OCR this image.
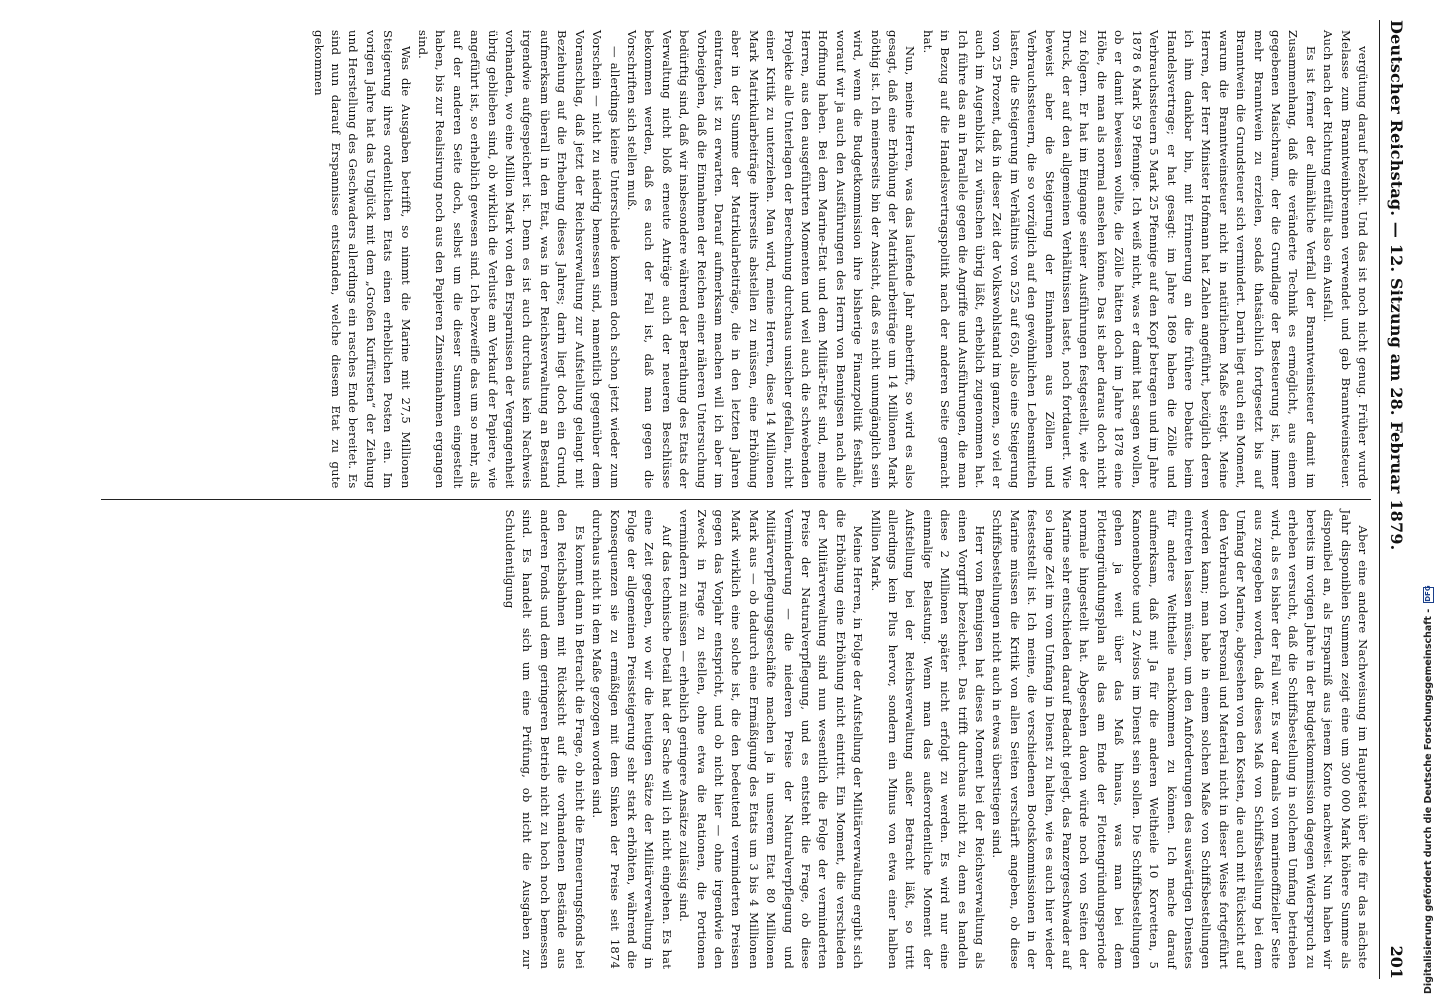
Deutscher Reichstag. — 12. Sitzung am 28. Februar 1879.
201

vergütung darauf bezahlt. Und das ist noch nicht genug. Früher wurde Melasse zum Branntweinbrennen verwendet und gab Branntweinsteuer. Auch nach der Richtung entfällt also ein Ausfall.

Es ist ferner der allmähliche Verfall der Branntweinsteuer damit im Zusammenhang, daß die veränderte Technik es ermöglicht, aus einem gegebenen Maischraum, der die Grundlage der Besteuerung ist, immer mehr Branntwein zu erzielen, sodaß thatsächlich fortgesetzt bis auf Branntwein die Grundsteuer sich vermindert. Darin liegt auch ein Moment, warum die Branntweinsteuer nicht in natürlichem Maße steigt. Meine Herren, der Herr Minister Hofmann hat Zahlen angeführt, bezüglich deren ich ihm dankbar bin, mit Erinnerung an die frühere Debatte beim Handelsvertrage; er hat gesagt: im Jahre 1869 haben die Zölle und Verbrauchssteuern 5 Mark 25 Pfennige auf den Kopf betragen und im Jahre 1878 6 Mark 59 Pfennige. Ich weiß nicht, was er damit hat sagen wollen, ob er damit beweisen wollte, die Zölle hätten doch im Jahre 1878 eine Höhe, die man als normal ansehen könne. Das ist aber daraus doch nicht zu folgern. Er hat im Eingange seiner Ausführungen festgestellt, wie der Druck, der auf den allgemeinen Verhältnissen lastet, noch fortdauert. Wie beweist aber die Steigerung der Einnahmen aus Zöllen und Verbrauchssteuern, die so vorzüglich auf den gewöhnlichen Lebensmitteln lasten, die Steigerung im Verhältnis von 525 auf 650, also eine Steigerung von 25 Prozent, daß in dieser Zeit der Volkswohlstand im ganzen, so viel er auch im Augenblick zu wünschen übrig läßt, erheblich zugenommen hat. Ich führe das an in Parallele gegen die Angriffe und Ausführungen, die man in Bezug auf die Handelsvertragspolitik nach der anderen Seite gemacht hat.

Nun, meine Herren, was das laufende Jahr anbetrifft, so wird es also gesagt, daß eine Erhöhung der Matrikularbeiträge um 14 Millionen Mark nöthig ist. Ich meinerseits bin der Ansicht, daß es nicht unumgänglich sein wird, wenn die Budgetkommission ihre bisherige Finanzpolitik festhält, worauf wir ja auch den Ausführungen des Herrn von Bennigsen nach alle Hoffnung haben. Bei dem Marine-Etat und dem Militär-Etat sind, meine Herren, aus den ausgeführten Momenten und weil auch die schwebenden Projekte alle Unterlagen der Berechnung durchaus unsicher gefallen, nicht einer Kritik zu unterziehen. Man wird, meine Herren, diese 14 Millionen Mark Matrikularbeiträge ihrerseits abstellen zu müssen, eine Erhöhung aber in der Summe der Matrikularbeiträge, die in den letzten Jahren eintraten, ist zu erwarten. Darauf aufmerksam machen will ich aber im Vorbeigehen, daß die Einnahmen der Reichen einer näheren Untersuchung bedürftig sind, daß wir insbesondere während der Berathung des Etats der Verwaltung nicht bloß erneute Anträge auch der neueren Beschlüsse bekommen werden, daß es auch der Fall ist, daß man gegen die Vorschriften sich stellen muß.

— allerdings kleine Unterschiede kommen doch schon jetzt wieder zum Vorschein — nicht zu niedrig bemessen sind, namentlich gegenüber dem Voranschlag, daß jetzt der Reichsverwaltung zur Aufstellung gelangt mit Beziehung auf die Erhebung dieses Jahres; darin liegt doch ein Grund, aufmerksam überall in den Etat, was in der Reichsverwaltung an Bestand irgendwie aufgespeichert ist. Denn es ist auch durchaus kein Nachweis vorhanden, wo eine Million Mark von den Ersparnissen der Vergangenheit übrig geblieben sind, ob wirklich die Verluste am Verkauf der Papiere, wie angeführt ist, so erheblich gewesen sind. Ich bezweifle das um so mehr, als auf der anderen Seite doch, selbst um die dieser Summen eingestellt haben, bis zur Realisirung noch aus den Papieren Zinseinnahmen ergangen sind.

Was die Ausgaben betrifft, so nimmt die Marine mit 27,5 Millionen Steigerung ihres ordentlichen Etats einen erheblichen Posten ein. Im vorigen Jahre hat das Unglück mit dem „Großen Kurfürsten“ der Ziehung und Herstellung des Geschwaders allerdings ein rasches Ende bereitet. Es sind nun darauf Erspannisse entstanden, welche diesem Etat zu gute gekommen

Aber eine andere Nachweisung im Hauptetat über die für das nächste Jahr disponiblen Summen zeigt eine um 300 000 Mark höhere Summe als disponibel an, als Ersparniß aus jenem Konto nachweist. Nun haben wir bereits im vorigen Jahre in der Budgetkommission dagegen Widerspruch zu erheben versucht, daß die Schiffsbestellung in solchem Umfang betrieben wird, als es bisher der Fall war. Es war damals von marineoffizieller Seite aus zugegeben worden, daß dieses Maß von Schiffsbestellung bei dem Umfang der Marine, abgesehen von den Kosten, die auch mit Rücksicht auf den Verbrauch von Personal und Material nicht in dieser Weise fortgeführt werden kann; man habe in einem solchen Maße von Schiffsbestellungen eintreten lassen müssen, um den Anforderungen des auswärtigen Dienstes für andere Welttheile nachkommen zu können. Ich mache darauf aufmerksam, daß mit Ja für die anderen Weltheile 10 Korvetten, 5 Kanonenboote und 2 Avisos im Dienst sein sollen. Die Schiffsbestellungen gehen ja weit über das Maß hinaus, was man bei dem Flottengründungsplan als das am Ende der Flottengründungsperiode normale hingestellt hat. Abgesehen davon würde noch von Seiten der Marine sehr entschieden darauf Bedacht gelegt, das Panzergeschwader auf so lange Zeit im vom Umfang in Dienst zu halten, wie es auch hier wieder festeststellt ist. Ich meine, die verschiedenen Bootskommissionen in der Marine müssen die Kritik von allen Seiten verschärft angeben, ob diese Schiffsbestellungen nicht auch in etwas überstiegen sind.

Herr von Bennigsen hat dieses Moment bei der Reichsverwaltung als einen Vorgriff bezeichnet. Das trifft durchaus nicht zu, denn es handeln diese 2 Millionen später nicht erfolgt zu werden. Es wird nur eine einmalige Belastung. Wenn man das außerordentliche Moment der Aufstellung bei der Reichsverwaltung außer Betracht läßt, so tritt allerdings kein Plus hervor, sondern ein Minus von etwa einer halben Million Mark.

Meine Herren, in Folge der Aufstellung der Militärverwaltung ergibt sich die Erhöhung eine Erhöhung nicht eintritt. Ein Moment, die verschieden der Militärverwaltung sind nun wesentlich die Folge der verminderten Preise der Naturalverpflegung, und es entsteht die Frage, ob diese Verminderung — die niederen Preise der Naturalverpflegung und Militärverpflegungsgeschäfte machen ja in unserem Etat 80 Millionen Mark aus — ob dadurch eine Ermäßigung des Etats um 3 bis 4 Millionen Mark wirklich eine solche ist, die den bedeutend verminderten Preisen gegen das Vorjahr entspricht, und ob nicht hier — ohne irgendwie den Zweck in Frage zu stellen, ohne etwa die Rationen, die Portionen vermindern zu müssen — erheblich geringere Ansätze zulässig sind.

Auf das technische Detail hat der Sache will ich nicht eingehen. Es hat eine Zeit gegeben, wo wir die heutigen Sätze der Militärverwaltung in Folge der allgemeinen Preissteigerung sehr stark erhöhten, während die Konsequenzen sie zu ermäßigen mit dem Sinken der Preise seit 1874 durchaus nicht in dem Maße gezogen worden sind.

Es kommt dann in Betracht die Frage, ob nicht die Emeuerungsfonds bei den Reichsbahnen mit Rücksicht auf die vorhandenen Bestände aus anderen Fonds und dem geringeren Betrieb nicht zu hoch noch bemessen sind. Es handelt sich um eine Prüfung, ob nicht die Ausgaben zur Schuldentilgung

Digitalisierung gefördert durch die Deutsche Forschungsgemeinschaft -
DFG
